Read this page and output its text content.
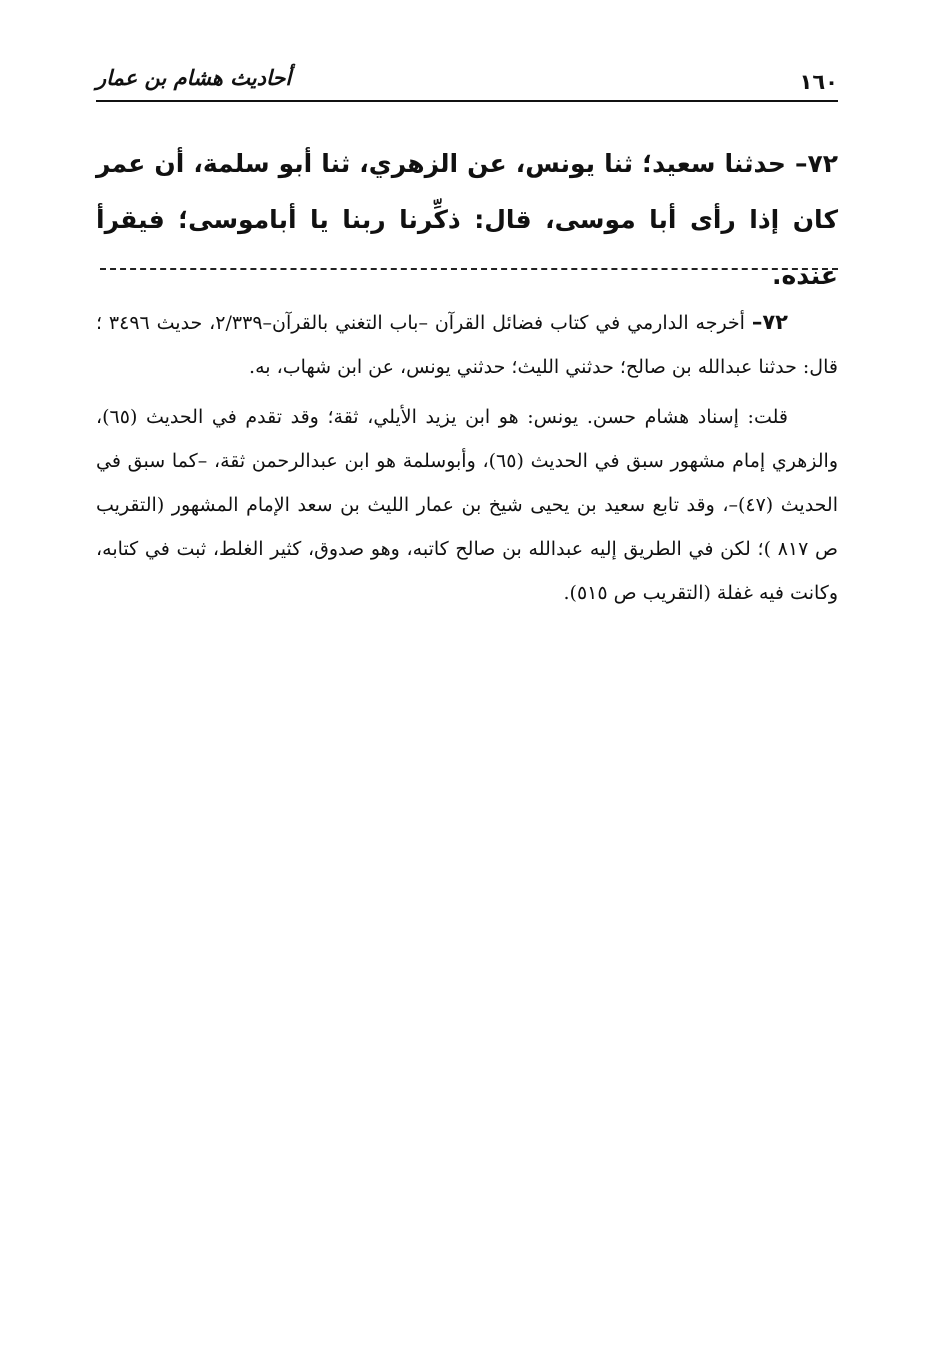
١٦٠
أحاديث هشام بن عمار
٧٢– حدثنا سعيد؛ ثنا يونس، عن الزهري، ثنا أبو سلمة، أن عمر كان إذا رأى أبا موسى، قال: ذكِّرنا ربنا يا أباموسى؛ فيقرأ عنده.

٧٢– أخرجه الدارمي في كتاب فضائل القرآن –باب التغني بالقرآن–٢/٣٣٩، حديث ٣٤٩٦ ؛ قال: حدثنا عبدالله بن صالح؛ حدثني الليث؛ حدثني يونس، عن ابن شهاب، به.

قلت: إسناد هشام حسن. يونس: هو ابن يزيد الأيلي، ثقة؛ وقد تقدم في الحديث (٦٥)، والزهري إمام مشهور سبق في الحديث (٦٥)، وأبوسلمة هو ابن عبدالرحمن ثقة، –كما سبق في الحديث (٤٧)–، وقد تابع سعيد بن يحيى شيخ بن عمار الليث بن سعد الإمام المشهور (التقريب ص ٨١٧ )؛ لكن في الطريق إليه عبدالله بن صالح كاتبه، وهو صدوق، كثير الغلط، ثبت في كتابه، وكانت فيه غفلة (التقريب ص ٥١٥).
